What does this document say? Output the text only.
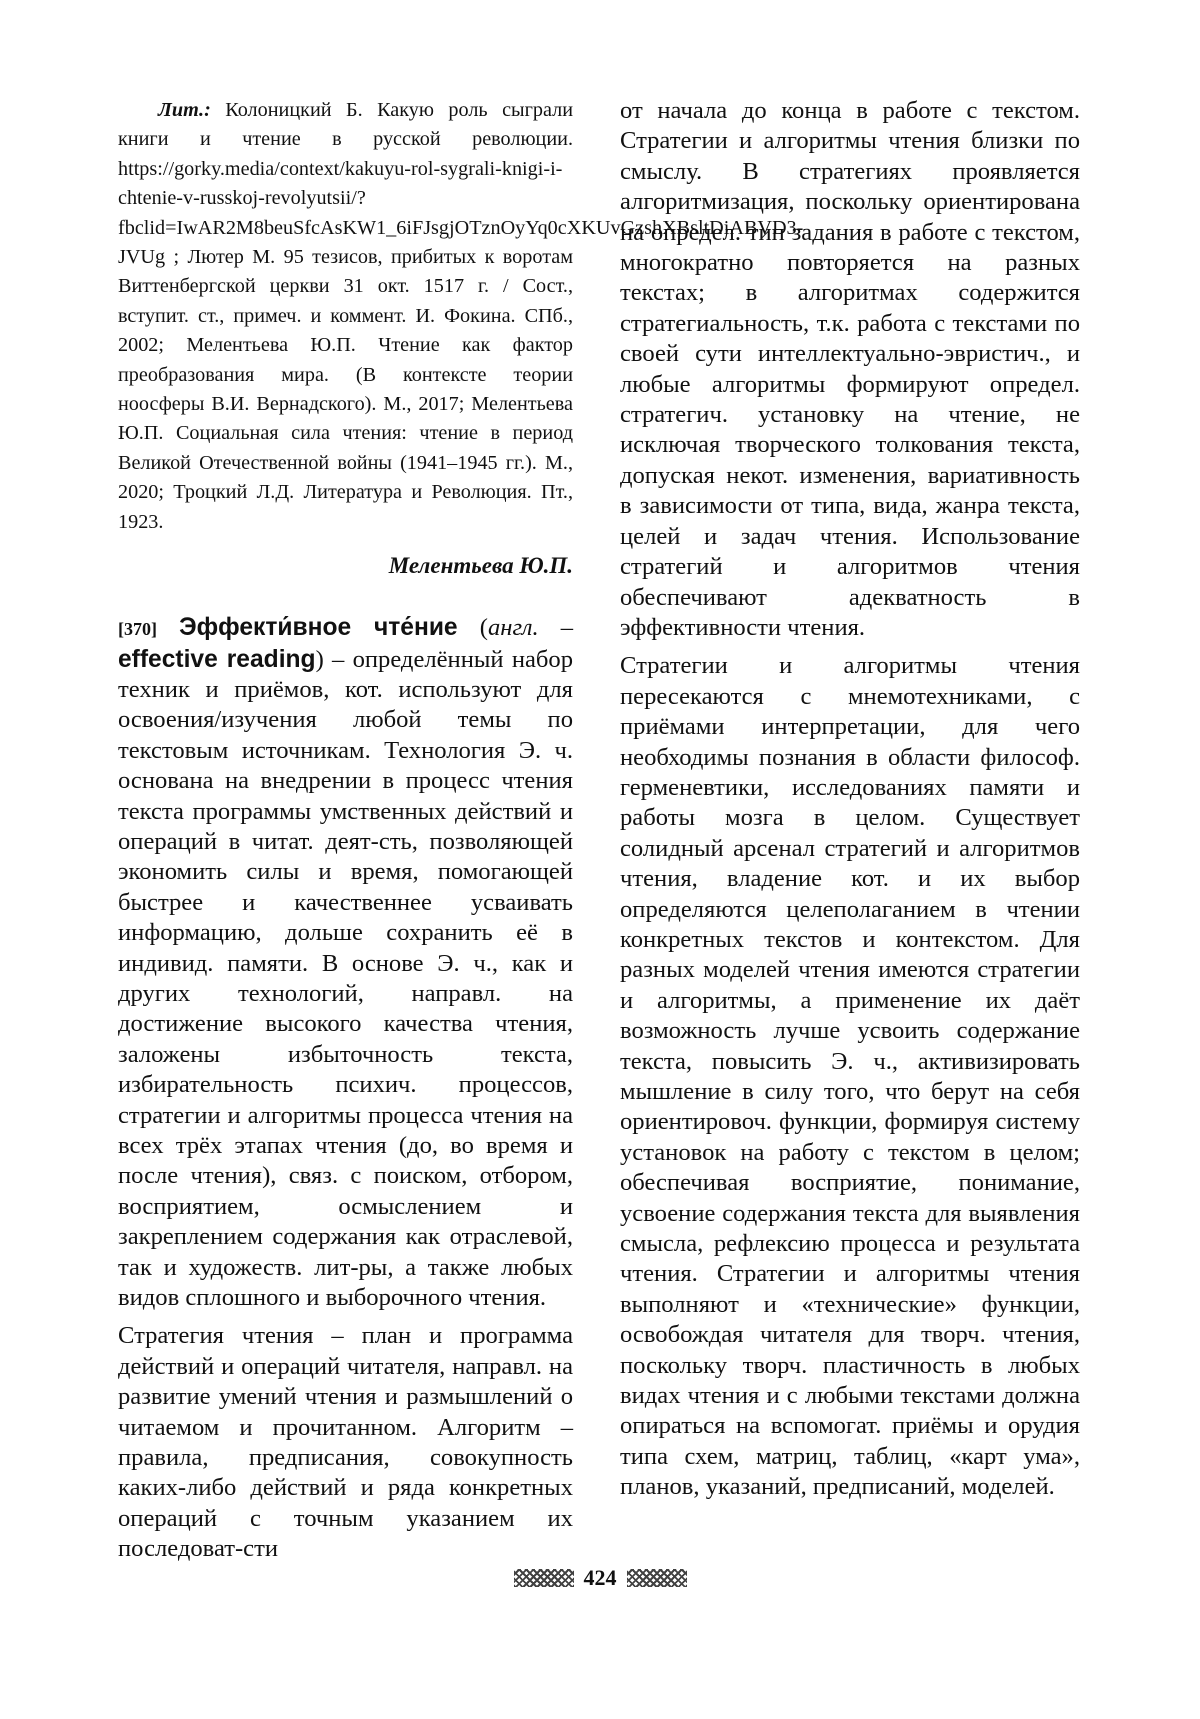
Лит.: Колоницкий Б. Какую роль сыграли книги и чтение в русской революции. https://gorky.media/context/kakuyu-rol-sygrali-knigi-i-chtenie-v-russkoj-revolyutsii/?fbclid=IwAR2M8beuSfcAsKW1_6iFJsgjOTznOyYq0cXKUvGzshXBsltDiABVD3-JVUg ; Лютер М. 95 тезисов, прибитых к воротам Виттенбергской церкви 31 окт. 1517 г. / Сост., вступит. ст., примеч. и коммент. И. Фокина. СПб., 2002; Мелентьева Ю.П. Чтение как фактор преобразования мира. (В контексте теории ноосферы В.И. Вернадского). М., 2017; Мелентьева Ю.П. Социальная сила чтения: чтение в период Великой Отечественной войны (1941–1945 гг.). М., 2020; Троцкий Л.Д. Литература и Революция. Пт., 1923.

Мелентьева Ю.П.

[370] Эффекти́вное чте́ние (англ. – effective reading) – определённый набор техник и приёмов, кот. используют для освоения/изучения любой темы по текстовым источникам. Технология Э. ч. основана на внедрении в процесс чтения текста программы умственных действий и операций в читат. деят-сть, позволяющей экономить силы и время, помогающей быстрее и качественнее усваивать информацию, дольше сохранить её в индивид. памяти. В основе Э. ч., как и других технологий, направл. на достижение высокого качества чтения, заложены избыточность текста, избирательность психич. процессов, стратегии и алгоритмы процесса чтения на всех трёх этапах чтения (до, во время и после чтения), связ. с поиском, отбором, восприятием, осмыслением и закреплением содержания как отраслевой, так и художеств. лит-ры, а также любых видов сплошного и выборочного чтения.

Стратегия чтения – план и программа действий и операций читателя, направл. на развитие умений чтения и размышлений о читаемом и прочитанном. Алгоритм – правила, предписания, совокупность каких-либо действий и ряда конкретных операций с точным указанием их последоват-сти

от начала до конца в работе с текстом. Стратегии и алгоритмы чтения близки по смыслу. В стратегиях проявляется алгоритмизация, поскольку ориентирована на определ. тип задания в работе с текстом, многократно повторяется на разных текстах; в алгоритмах содержится стратегиальность, т.к. работа с текстами по своей сути интеллектуально-эвристич., и любые алгоритмы формируют определ. стратегич. установку на чтение, не исключая творческого толкования текста, допуская некот. изменения, вариативность в зависимости от типа, вида, жанра текста, целей и задач чтения. Использование стратегий и алгоритмов чтения обеспечивают адекватность в эффективности чтения.

Стратегии и алгоритмы чтения пересекаются с мнемотехниками, с приёмами интерпретации, для чего необходимы познания в области философ. герменевтики, исследованиях памяти и работы мозга в целом. Существует солидный арсенал стратегий и алгоритмов чтения, владение кот. и их выбор определяются целеполаганием в чтении конкретных текстов и контекстом. Для разных моделей чтения имеются стратегии и алгоритмы, а применение их даёт возможность лучше усвоить содержание текста, повысить Э. ч., активизировать мышление в силу того, что берут на себя ориентировоч. функции, формируя систему установок на работу с текстом в целом; обеспечивая восприятие, понимание, усвоение содержания текста для выявления смысла, рефлексию процесса и результата чтения. Стратегии и алгоритмы чтения выполняют и «технические» функции, освобождая читателя для творч. чтения, поскольку творч. пластичность в любых видах чтения и с любыми текстами должна опираться на вспомогат. приёмы и орудия типа схем, матриц, таблиц, «карт ума», планов, указаний, предписаний, моделей.

424
